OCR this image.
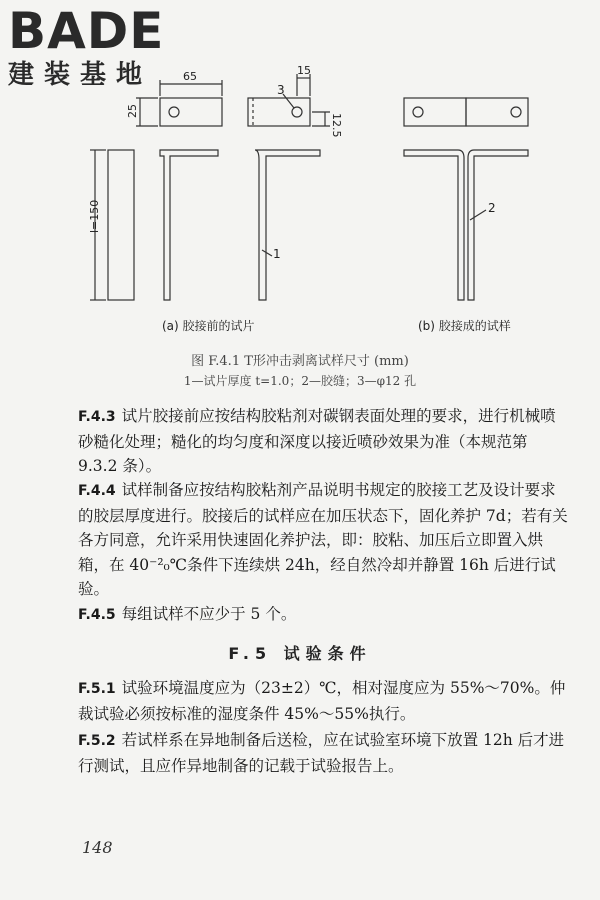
BADE
建装基地	65
25
15
12.5
l=150
1
2
3
(a) 胶接前的试片	(b) 胶接成的试样
图 F.4.1 T形冲击剥离试样尺寸 (mm)
1—试片厚度 t=1.0；2—胶缝；3—φ12 孔

F.4.3 试片胶接前应按结构胶粘剂对碳钢表面处理的要求，进行机械喷砂糙化处理；糙化的均匀度和深度以接近喷砂效果为准（本规范第 9.3.2 条）。

F.4.4 试样制备应按结构胶粘剂产品说明书规定的胶接工艺及设计要求的胶层厚度进行。胶接后的试样应在加压状态下，固化养护 7d；若有关各方同意，允许采用快速固化养护法，即：胶粘、加压后立即置入烘箱，在 40⁻²₀℃条件下连续烘 24h，经自然冷却并静置 16h 后进行试验。

F.4.5 每组试样不应少于 5 个。

F.5 试验条件

F.5.1 试验环境温度应为（23±2）℃，相对湿度应为 55%～70%。仲裁试验必须按标准的湿度条件 45%～55%执行。

F.5.2 若试样系在异地制备后送检，应在试验室环境下放置 12h 后才进行测试，且应作异地制备的记载于试验报告上。

148
